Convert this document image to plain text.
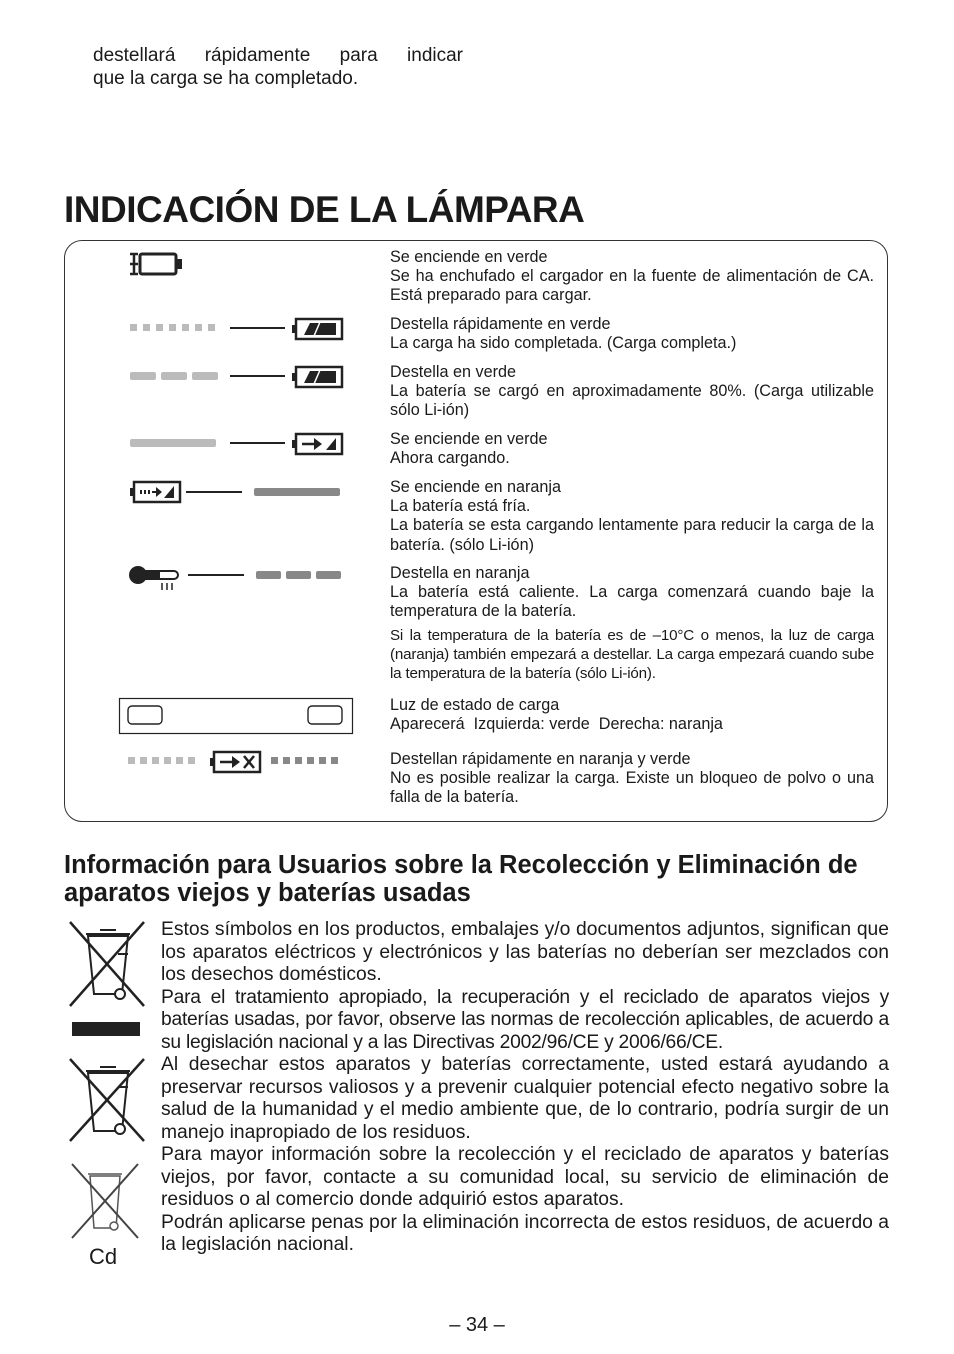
destellará rápidamente para indicar
que la carga se ha completado.
INDICACIÓN DE LA LÁMPARA
Se enciende en verde
Se ha enchufado el cargador en la fuente de alimentación de CA. Está preparado para cargar.
Destella rápidamente en verde
La carga ha sido completada. (Carga completa.)
Destella en verde
La batería se cargó en aproximadamente 80%. (Carga utilizable sólo Li-ión)
Se enciende en verde
Ahora cargando.
Se enciende en naranja
La batería está fría.
La batería se esta cargando lentamente para reducir la carga de la batería. (sólo Li-ión)
Destella en naranja
La batería está caliente. La carga comenzará cuando baje la temperatura de la batería.
Si la temperatura de la batería es de –10°C o menos, la luz de carga (naranja) también empezará a destellar. La carga empezará cuando sube la temperatura de la batería (sólo Li-ión).
Luz de estado de carga
Aparecerá  Izquierda: verde  Derecha: naranja
Destellan rápidamente en naranja y verde
No es posible realizar la carga. Existe un bloqueo de polvo o una falla de la batería.
Información para Usuarios sobre la Recolección y Eliminación de aparatos viejos y baterías usadas
Cd

Estos símbolos en los productos, embalajes y/o documentos adjuntos, significan que los aparatos eléctricos y electrónicos y las baterías no deberían ser mezclados con los desechos domésticos.

Para el tratamiento apropiado, la recuperación y el reciclado de aparatos viejos y baterías usadas, por favor, observe las normas de recolección aplicables, de acuerdo a su legislación nacional y a las Directivas 2002/96/CE y 2006/66/CE.

Al desechar estos aparatos y baterías correctamente, usted estará ayudando a preservar recursos valiosos y a prevenir cualquier potencial efecto negativo sobre la salud de la humanidad y el medio ambiente que, de lo contrario, podría surgir de un manejo inapropiado de los residuos.

Para mayor información sobre la recolección y el reciclado de aparatos y baterías viejos, por favor, contacte a su comunidad local, su servicio de eliminación de residuos o al comercio donde adquirió estos aparatos.

Podrán aplicarse penas por la eliminación incorrecta de estos residuos, de acuerdo a la legislación nacional.

– 34 –
